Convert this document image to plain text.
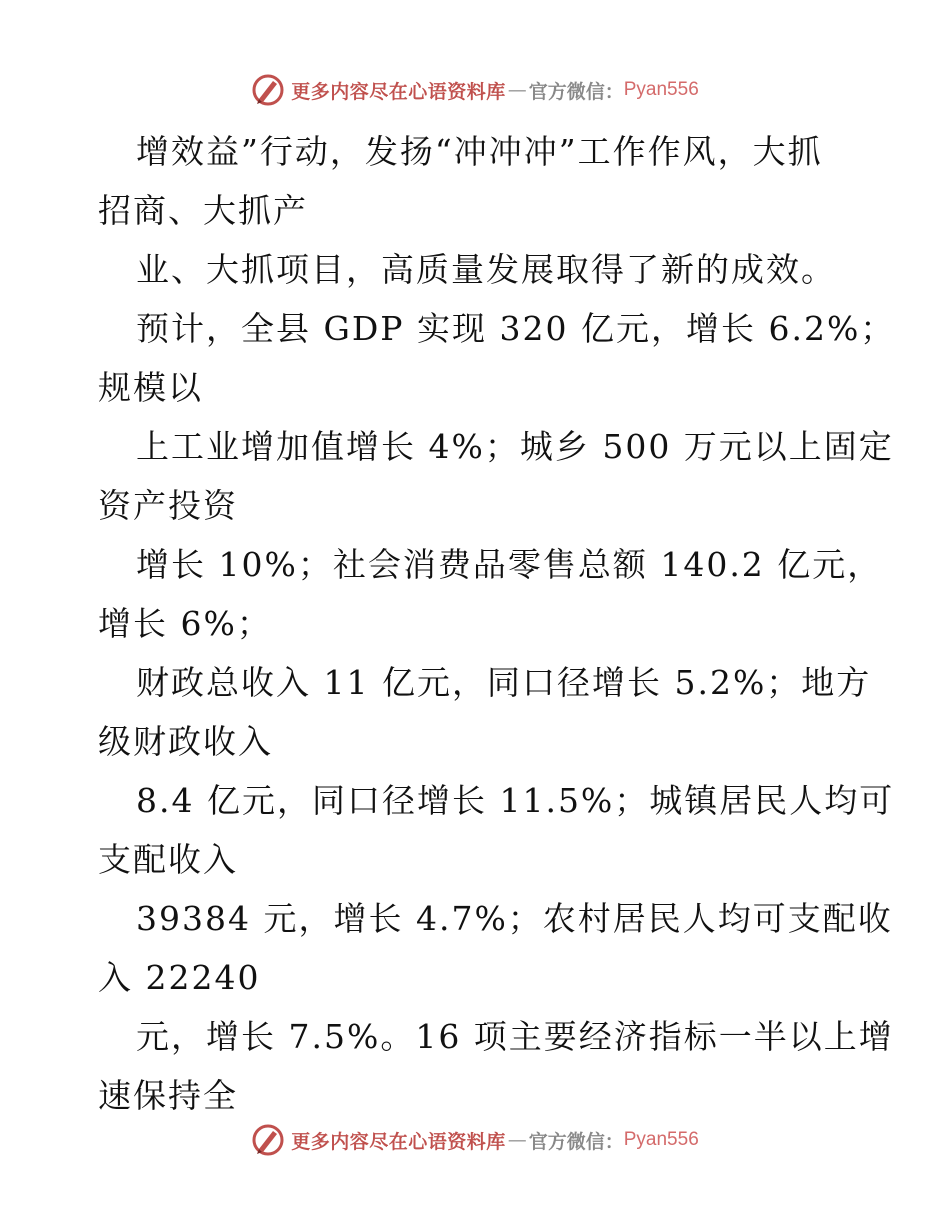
更多内容尽在心语资料库 — 官方微信： Pyan556
增效益”行动，发扬“冲冲冲”工作作风，大抓
招商、大抓产
业、大抓项目，高质量发展取得了新的成效。
预计，全县 GDP 实现 320 亿元，增长 6.2%；
规模以
上工业增加值增长 4%；城乡 500 万元以上固定
资产投资
增长 10%；社会消费品零售总额 140.2 亿元，
增长 6%；
财政总收入 11 亿元，同口径增长 5.2%；地方
级财政收入
8.4 亿元，同口径增长 11.5%；城镇居民人均可
支配收入
39384 元，增长 4.7%；农村居民人均可支配收
入 22240
元，增长 7.5%。16 项主要经济指标一半以上增
速保持全
更多内容尽在心语资料库 — 官方微信： Pyan556
